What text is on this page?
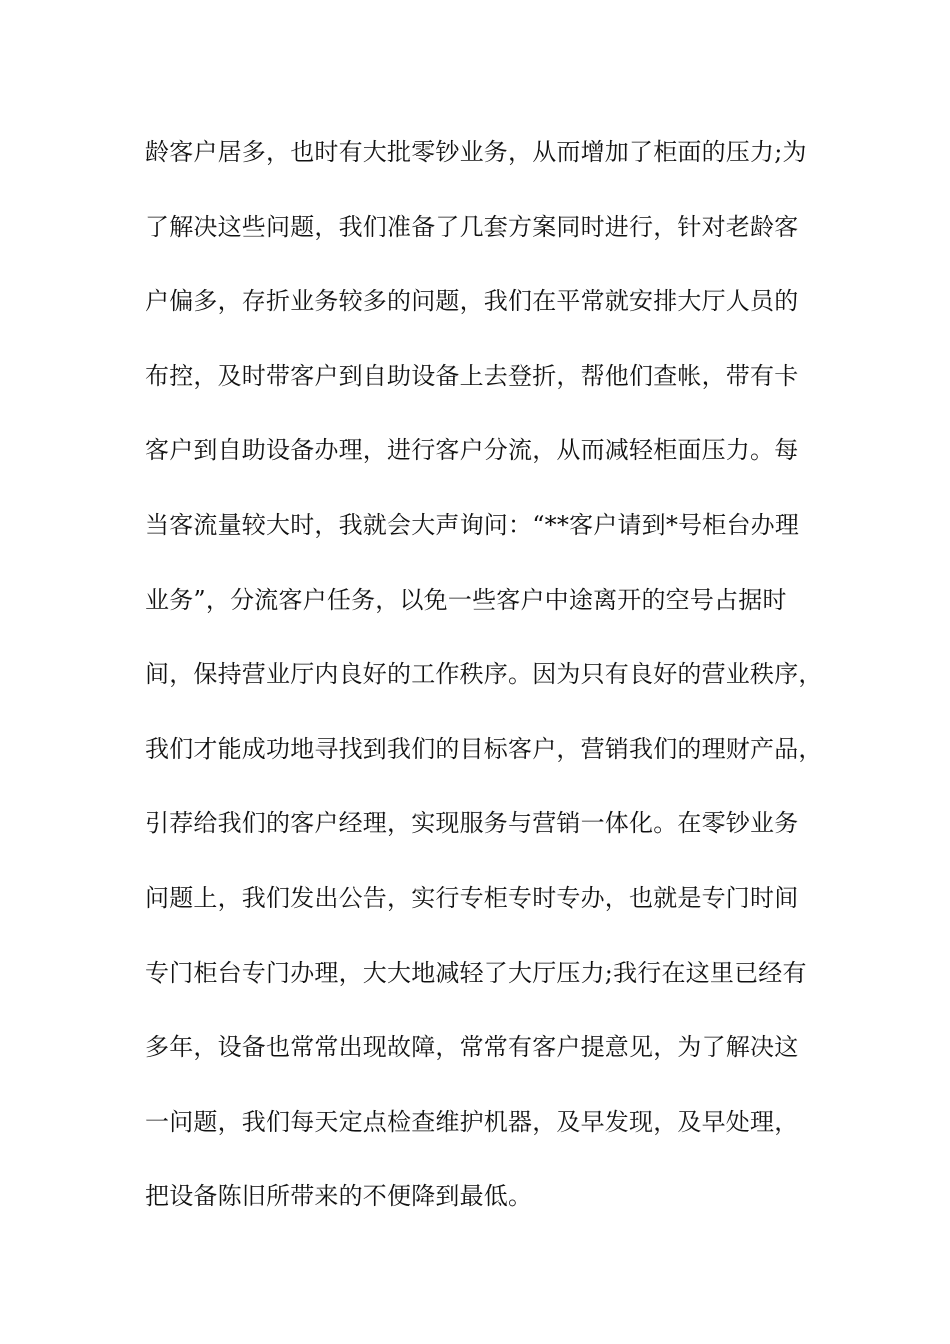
龄客户居多，也时有大批零钞业务，从而增加了柜面的压力;为
了解决这些问题，我们准备了几套方案同时进行，针对老龄客
户偏多，存折业务较多的问题，我们在平常就安排大厅人员的
布控，及时带客户到自助设备上去登折，帮他们查帐，带有卡
客户到自助设备办理，进行客户分流，从而减轻柜面压力。每
当客流量较大时，我就会大声询问：“**客户请到*号柜台办理
业务”，分流客户任务，以免一些客户中途离开的空号占据时
间，保持营业厅内良好的工作秩序。因为只有良好的营业秩序，
我们才能成功地寻找到我们的目标客户，营销我们的理财产品，
引荐给我们的客户经理，实现服务与营销一体化。在零钞业务
问题上，我们发出公告，实行专柜专时专办，也就是专门时间
专门柜台专门办理，大大地减轻了大厅压力;我行在这里已经有
多年，设备也常常出现故障，常常有客户提意见，为了解决这
一问题，我们每天定点检查维护机器，及早发现，及早处理，
把设备陈旧所带来的不便降到最低。
